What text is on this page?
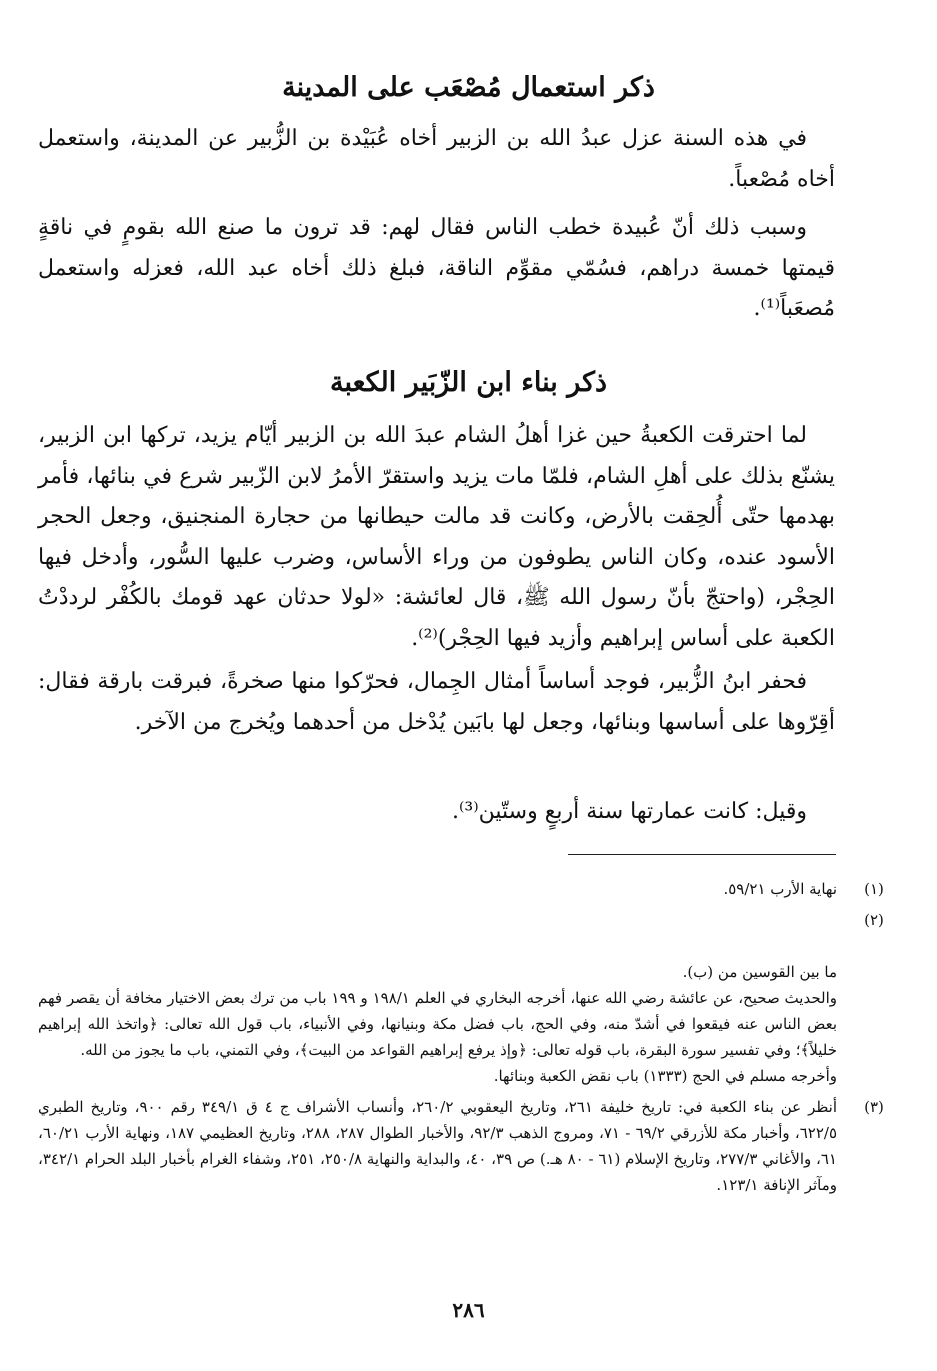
ذكر استعمال مُصْعَب على المدينة

في هذه السنة عزل عبدُ الله بن الزبير أخاه عُبَيْدة بن الزُّبير عن المدينة، واستعمل أخاه مُصْعباً.

وسبب ذلك أنّ عُبيدة خطب الناس فقال لهم: قد ترون ما صنع الله بقومٍ في ناقةٍ قيمتها خمسة دراهم، فسُمّي مقوِّم الناقة، فبلغ ذلك أخاه عبد الله، فعزله واستعمل مُصعَباً⁽¹⁾.

ذكر بناء ابن الزّبَير الكعبة

لما احترقت الكعبةُ حين غزا أهلُ الشام عبدَ الله بن الزبير أيّام يزيد، تركها ابن الزبير، يشنّع بذلك على أهلِ الشام، فلمّا مات يزيد واستقرّ الأمرُ لابن الزّبير شرع في بنائها، فأمر بهدمها حتّى أُلحِقت بالأرض، وكانت قد مالت حيطانها من حجارة المنجنيق، وجعل الحجر الأسود عنده، وكان الناس يطوفون من وراء الأساس، وضرب عليها السُّور، وأدخل فيها الحِجْر، (واحتجّ بأنّ رسول الله ﷺ، قال لعائشة: «لولا حدثان عهد قومك بالكُفْر لرددْتُ الكعبة على أساس إبراهيم وأزيد فيها الحِجْر)⁽²⁾.

فحفر ابنُ الزُّبير، فوجد أساساً أمثال الجِمال، فحرّكوا منها صخرةً، فبرقت بارقة فقال: أقِرّوها على أساسها وبنائها، وجعل لها بابَين يُدْخل من أحدهما ويُخرج من الآخر.

وقيل: كانت عمارتها سنة أربعٍ وستّين⁽³⁾.

(١)

نهاية الأرب ٥٩/٢١.

(٢)

ما بين القوسين من (ب).
والحديث صحيح، عن عائشة رضي الله عنها، أخرجه البخاري في العلم ١٩٨/١ و ١٩٩ باب من ترك بعض الاختيار مخافة أن يقصر فهم بعض الناس عنه فيقعوا في أشدّ منه، وفي الحج، باب فضل مكة وبنيانها، وفي الأنبياء، باب قول الله تعالى: ﴿واتخذ الله إبراهيم خليلاً﴾؛ وفي تفسير سورة البقرة، باب قوله تعالى: ﴿وإذ يرفع إبراهيم القواعد من البيت﴾، وفي التمني، باب ما يجوز من الله.
وأخرجه مسلم في الحج (١٣٣٣) باب نقض الكعبة وبنائها.

(٣)

أنظر عن بناء الكعبة في: تاريخ خليفة ٢٦١، وتاريخ اليعقوبي ٢٦٠/٢، وأنساب الأشراف ج ٤ ق ٣٤٩/١ رقم ٩٠٠، وتاريخ الطبري ٦٢٢/٥، وأخبار مكة للأزرقي ٦٩/٢ - ٧١، ومروج الذهب ٩٢/٣، والأخبار الطوال ٢٨٧، ٢٨٨، وتاريخ العظيمي ١٨٧، ونهاية الأرب ٦٠/٢١، ٦١، والأغاني ٢٧٧/٣، وتاريخ الإسلام (٦١ - ٨٠ هـ.) ص ٣٩، ٤٠، والبداية والنهاية ٢٥٠/٨، ٢٥١، وشفاء الغرام بأخبار البلد الحرام ٣٤٢/١، ومآثر الإنافة ١٢٣/١.

٢٨٦
